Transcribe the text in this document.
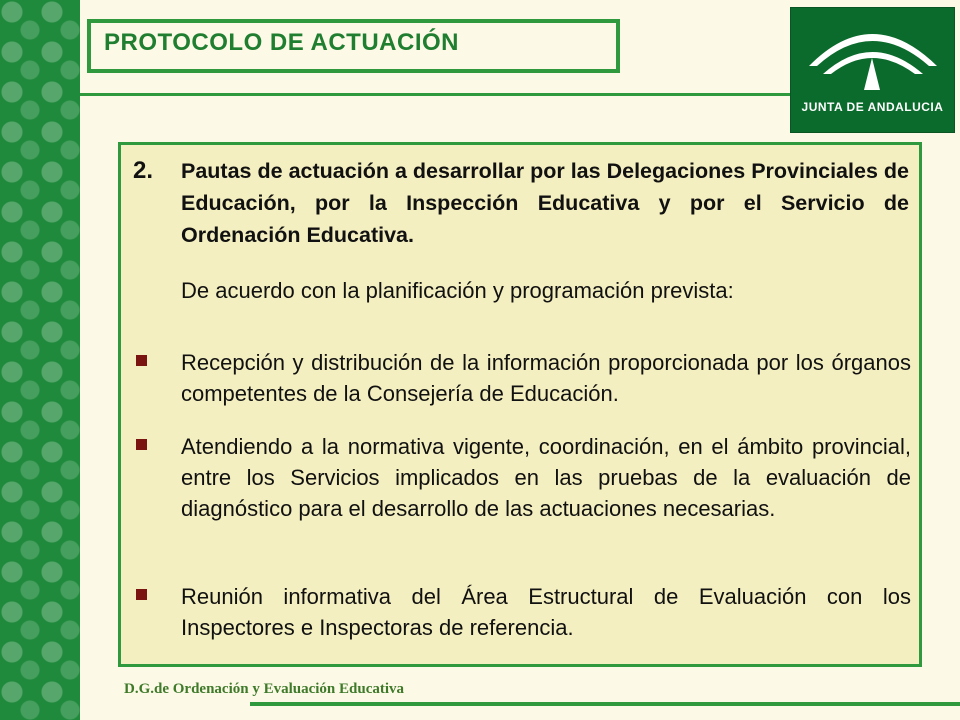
PROTOCOLO DE ACTUACIÓN
JUNTA DE ANDALUCIA
2.	Pautas de actuación a desarrollar por las Delegaciones Provinciales de Educación, por la Inspección Educativa y por el Servicio de Ordenación Educativa.
De acuerdo con la planificación y programación prevista:
Recepción y distribución de la información proporcionada por los órganos competentes de la Consejería de Educación.
Atendiendo a la normativa vigente, coordinación, en el ámbito provincial, entre los Servicios implicados en las pruebas de la evaluación de diagnóstico para el desarrollo de las actuaciones necesarias.
Reunión informativa del Área Estructural de Evaluación con los Inspectores e Inspectoras de referencia.
D.G.de Ordenación y Evaluación Educativa
